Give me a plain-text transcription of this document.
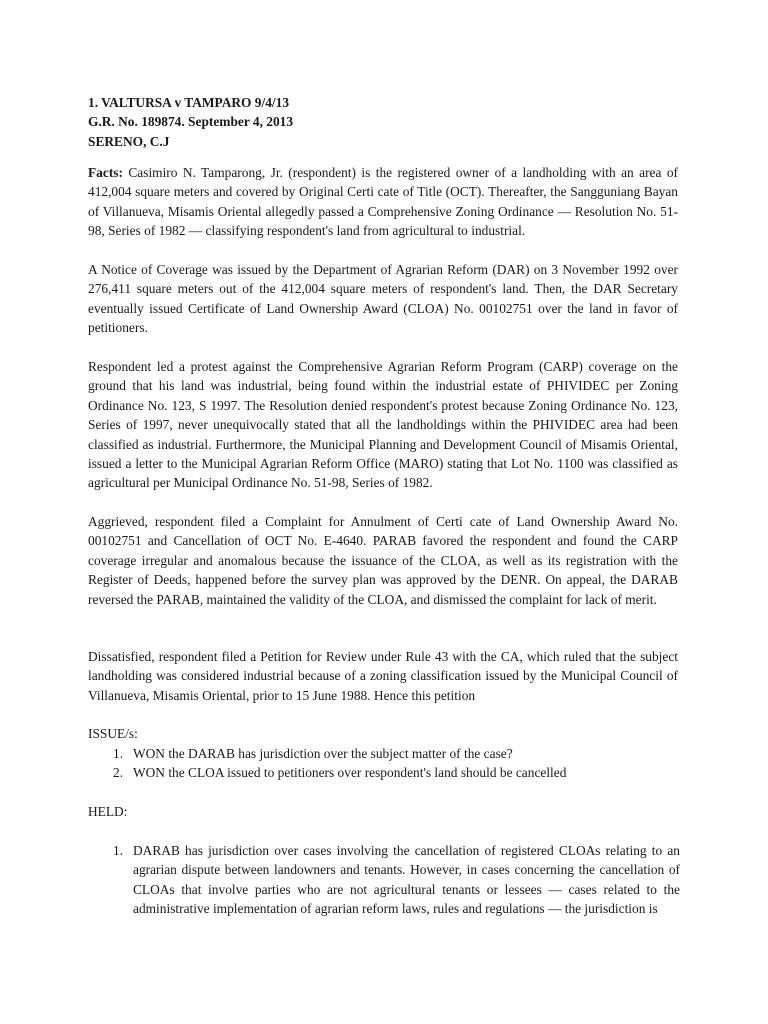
1. VALTURSA v TAMPARO 9/4/13
G.R. No. 189874. September 4, 2013
SERENO, C.J

Facts: Casimiro N. Tamparong, Jr. (respondent) is the registered owner of a landholding with an area of 412,004 square meters and covered by Original Certi cate of Title (OCT). Thereafter, the Sangguniang Bayan of Villanueva, Misamis Oriental allegedly passed a Comprehensive Zoning Ordinance — Resolution No. 51-98, Series of 1982 — classifying respondent's land from agricultural to industrial.

A Notice of Coverage was issued by the Department of Agrarian Reform (DAR) on 3 November 1992 over 276,411 square meters out of the 412,004 square meters of respondent's land. Then, the DAR Secretary eventually issued Certificate of Land Ownership Award (CLOA) No. 00102751 over the land in favor of petitioners.

Respondent led a protest against the Comprehensive Agrarian Reform Program (CARP) coverage on the ground that his land was industrial, being found within the industrial estate of PHIVIDEC per Zoning Ordinance No. 123, S 1997. The Resolution denied respondent's protest because Zoning Ordinance No. 123, Series of 1997, never unequivocally stated that all the landholdings within the PHIVIDEC area had been classified as industrial. Furthermore, the Municipal Planning and Development Council of Misamis Oriental, issued a letter to the Municipal Agrarian Reform Office (MARO) stating that Lot No. 1100 was classified as agricultural per Municipal Ordinance No. 51-98, Series of 1982.

Aggrieved, respondent filed a Complaint for Annulment of Certi cate of Land Ownership Award No. 00102751 and Cancellation of OCT No. E-4640. PARAB favored the respondent and found the CARP coverage irregular and anomalous because the issuance of the CLOA, as well as its registration with the Register of Deeds, happened before the survey plan was approved by the DENR. On appeal, the DARAB reversed the PARAB, maintained the validity of the CLOA, and dismissed the complaint for lack of merit.

Dissatisfied, respondent filed a Petition for Review under Rule 43 with the CA, which ruled that the subject landholding was considered industrial because of a zoning classification issued by the Municipal Council of Villanueva, Misamis Oriental, prior to 15 June 1988. Hence this petition

ISSUE/s:

1. WON the DARAB has jurisdiction over the subject matter of the case?
2. WON the CLOA issued to petitioners over respondent's land should be cancelled

HELD:

1. DARAB has jurisdiction over cases involving the cancellation of registered CLOAs relating to an agrarian dispute between landowners and tenants. However, in cases concerning the cancellation of CLOAs that involve parties who are not agricultural tenants or lessees — cases related to the administrative implementation of agrarian reform laws, rules and regulations — the jurisdiction is
